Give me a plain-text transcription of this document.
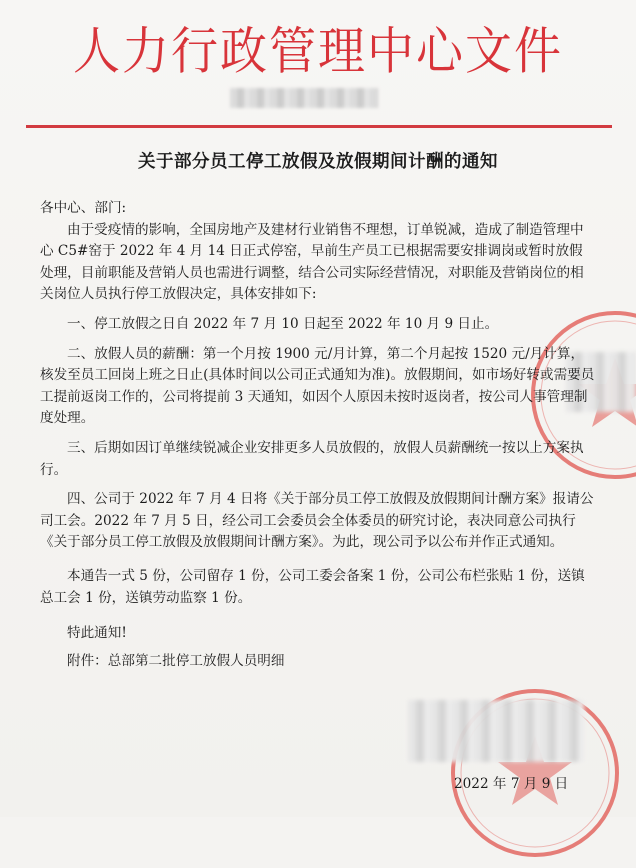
人力行政管理中心文件
关于部分员工停工放假及放假期间计酬的通知

各中心、部门:

由于受疫情的影响，全国房地产及建材行业销售不理想，订单锐减，造成了制造管理中心 C5#窑于 2022 年 4 月 14 日正式停窑，早前生产员工已根据需要安排调岗或暂时放假处理，目前职能及营销人员也需进行调整，结合公司实际经营情况，对职能及营销岗位的相关岗位人员执行停工放假决定，具体安排如下:

一、停工放假之日自 2022 年 7 月 10 日起至 2022 年 10 月 9 日止。

二、放假人员的薪酬：第一个月按 1900 元/月计算，第二个月起按 1520 元/月计算，核发至员工回岗上班之日止(具体时间以公司正式通知为准)。放假期间，如市场好转或需要员工提前返岗工作的，公司将提前 3 天通知，如因个人原因未按时返岗者，按公司人事管理制度处理。

三、后期如因订单继续锐减企业安排更多人员放假的，放假人员薪酬统一按以上方案执行。

四、公司于 2022 年 7 月 4 日将《关于部分员工停工放假及放假期间计酬方案》报请公司工会。2022 年 7 月 5 日，经公司工会委员会全体委员的研究讨论，表决同意公司执行《关于部分员工停工放假及放假期间计酬方案》。为此，现公司予以公布并作正式通知。

本通告一式 5 份，公司留存 1 份，公司工委会备案 1 份，公司公布栏张贴 1 份，送镇总工会 1 份，送镇劳动监察 1 份。

特此通知!

附件：总部第二批停工放假人员明细

2022 年 7 月 9 日
